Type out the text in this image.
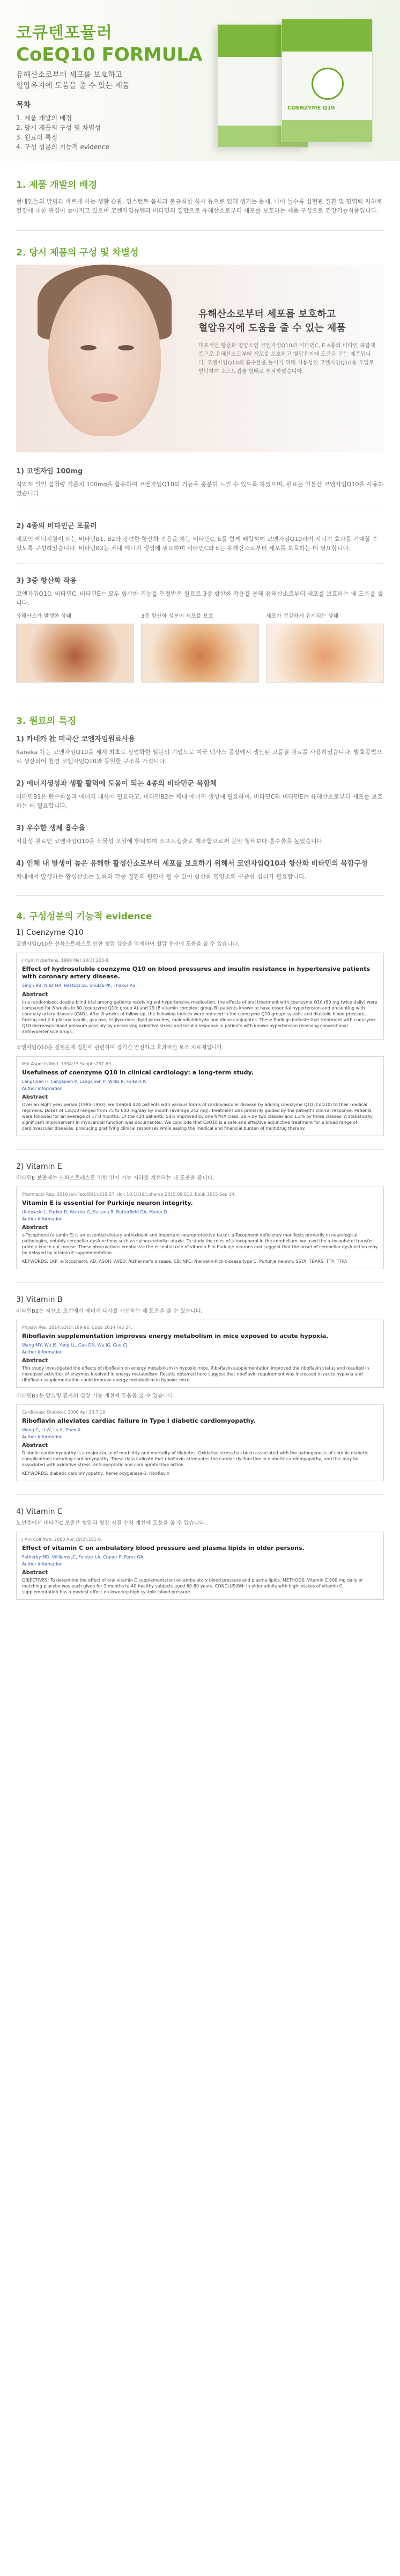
코큐텐포뮬러
CoEQ10 FORMULA
유해산소로부터 세포를 보호하고
혈압유지에 도움을 줄 수 있는 제품
목차
1. 제품 개발의 배경
2. 당시 제품의 구성 및 차별성
3. 원료의 특징
4. 구성 성분의 기능적 evidence
COENZYME Q10
1. 제품 개발의 배경
현대인들의 발병과 바쁘게 사는 생활 습관, 인스턴트 음식과 불규칙한 식사 등으로 인해 생기는 문제, 나이 들수록 심혈관 질환 및 면역력 저하로 건강에 대한 관심이 높아지고 있으며 코엔자임큐텐과 비타민의 결합으로 유해산소로부터 세포를 보호하는 제품 구성으로 건강기능식품입니다.
2. 당시 제품의 구성 및 차별성
유해산소로부터 세포를 보호하고
혈압유지에 도움을 줄 수 있는 제품
대표적인 항산화 영양소인 코엔자임Q10과 비타민C, E 4종의 비타민 복합제품으로 유해산소로부터 세포를 보호하고 혈압유지에 도움을 주는 제품입니다. 코엔자임Q10의 흡수율을 높이기 위해 지용성인 코엔자임Q10을 오일로 현탁하여 소프트캡슐 형태로 제작하였습니다.
1) 코엔자임 100mg
식약처 일일 섭취량 기준치 100mg을 함유하여 코엔자임Q10의 기능을 충분히 느낄 수 있도록 하였으며, 원료는 일본산 코엔자임Q10을 사용하였습니다.
2) 4종의 비타민군 포뮬러
세포의 에너지원이 되는 비타민B1, B2와 강력한 항산화 작용을 하는 비타민C, E를 함께 배합하여 코엔자임Q10과의 시너지 효과를 기대할 수 있도록 구성하였습니다. 비타민B2는 체내 에너지 생성에 필요하며 비타민C와 E는 유해산소로부터 세포를 보호하는 데 필요합니다.
3) 3중 항산화 작용
코엔자임Q10, 비타민C, 비타민E는 모두 항산화 기능을 인정받은 원료로 3중 항산화 작용을 통해 유해산소로부터 세포를 보호하는 데 도움을 줍니다.
유해산소가 발생한 상태	3중 항산화 성분이 세포를 보호	세포가 건강하게 유지되는 상태
3. 원료의 특징
1) 카네카 社 미국산 코엔자임원료사용
Kaneka 社는 코엔자임Q10을 세계 최초로 상업화한 일본의 기업으로 미국 텍사스 공장에서 생산된 고품질 원료를 사용하였습니다. 발효공법으로 생산되어 천연 코엔자임Q10과 동일한 구조를 가집니다.
2) 에너지생성과 생활 활력에 도움이 되는 4종의 비타민군 복합체
비타민B1은 탄수화물과 에너지 대사에 필요하고, 비타민B2는 체내 에너지 생성에 필요하며, 비타민C와 비타민E는 유해산소로부터 세포를 보호하는 데 필요합니다.
3) 우수한 생체 흡수율
지용성 원료인 코엔자임Q10을 식물성 오일에 현탁하여 소프트캡슐로 제조함으로써 분말 형태보다 흡수율을 높였습니다.
4) 인체 내 발생이 높은 유해한 활성산소로부터 세포를 보호하기 위해서 코엔자임Q10과 항산화 비타민의 복합구성
체내에서 발생하는 활성산소는 노화와 각종 질환의 원인이 될 수 있어 항산화 영양소의 꾸준한 섭취가 필요합니다.
4. 구성성분의 기능적 evidence
1) Coenzyme Q10
코엔자임Q10은 산화스트레스로 인한 혈압 상승을 억제하여 혈압 유지에 도움을 줄 수 있습니다.
J Hum Hypertens. 1999 Mar;13(3):203-8.
Effect of hydrosoluble coenzyme Q10 on blood pressures and insulin resistance in hypertensive patients with coronary artery disease.
Singh RB, Niaz MA, Rastogi SS, Shukla PK, Thakur AS.
Abstract
In a randomised, double-blind trial among patients receiving antihypertensive medication, the effects of oral treatment with coenzyme Q10 (60 mg twice daily) were compared for 8 weeks in 30 (coenzyme Q10: group A) and 29 (B vitamin complex: group B) patients known to have essential hypertension and presenting with coronary artery disease (CAD). After 8 weeks of follow-up, the following indices were reduced in the coenzyme Q10 group: systolic and diastolic blood pressure, fasting and 2-h plasma insulin, glucose, triglycerides, lipid peroxides, malondialdehyde and diene conjugates. These findings indicate that treatment with coenzyme Q10 decreases blood pressure possibly by decreasing oxidative stress and insulin response in patients with known hypertension receiving conventional antihypertensive drugs.
코엔자임Q10은 심혈관계 질환에 관련하여 장기간 안전하고 효과적인 보조 치료제입니다.
Mol Aspects Med. 1994;15 Suppl:s257-63.
Usefulness of coenzyme Q10 in clinical cardiology: a long-term study.
Langsjoen H, Langsjoen P, Langsjoen P, Willis R, Folkers K.
Author information
Abstract
Over an eight year period (1985-1993), we treated 424 patients with various forms of cardiovascular disease by adding coenzyme Q10 (CoQ10) to their medical regimens. Doses of CoQ10 ranged from 75 to 600 mg/day by mouth (average 242 mg). Treatment was primarily guided by the patient's clinical response. Patients were followed for an average of 17.8 months. Of the 424 patients, 58% improved by one NYHA class, 28% by two classes and 1.2% by three classes. A statistically significant improvement in myocardial function was documented. We conclude that CoQ10 is a safe and effective adjunctive treatment for a broad range of cardiovascular diseases, producing gratifying clinical responses while easing the medical and financial burden of multidrug therapy.
2) Vitamin E
비타민E 보충제는 산화스트레스로 인한 인지 기능 저하를 개선하는 데 도움을 줍니다.
Pharmacol Rep. 2016 Jan-Feb;68(1):219-27. doi: 10.1016/j.pharep.2015.09.013. Epub 2015 Sep 14.
Vitamin E is essential for Purkinje neuron integrity.
Ulatowski L, Parker R, Warrier G, Sultana R, Butterfield DA, Manor D.
Author information
Abstract
a-Tocopherol (vitamin E) is an essential dietary antioxidant and important neuroprotective factor. a-Tocopherol deficiency manifests primarily in neurological pathologies, notably cerebellar dysfunctions such as spinocerebellar ataxia. To study the roles of a-tocopherol in the cerebellum, we used the a-tocopherol transfer protein knock-out mouse. These observations emphasize the essential role of vitamin E in Purkinje neurons and suggest that the onset of cerebellar dysfunction may be delayed by vitamin E supplementation.
KEYWORDS: LKP; a-Tocopherol; AD; ASOH; AVED; Alzheimer's disease; CB; NPC; Niemann-Pick disease type C; Purkinje neuron; SSTA; TBARS; TTP; TTPA
3) Vitamin B
비타민B2는 저산소 조건에서 에너지 대사를 개선하는 데 도움을 줄 수 있습니다.
Physiol Res. 2014;63(2):189-96. Epub 2014 Feb 24.
Riboflavin supplementation improves energy metabolism in mice exposed to acute hypoxia.
Wang MY, Wu JS, Yang LL, Gao DN, Wu JG, Guo CJ.
Author information
Abstract
This study investigated the effects of riboflavin on energy metabolism in hypoxic mice. Riboflavin supplementation improved the riboflavin status and resulted in increased activities of enzymes involved in energy metabolism. Results obtained here suggest that riboflavin requirement was increased in acute hypoxia and riboflavin supplementation could improve energy metabolism in hypoxic mice.
비타민B1은 당뇨병 환자의 심장 기능 개선에 도움을 줄 수 있습니다.
Cardiovasc Diabetol. 2008 Apr 23;7:10.
Riboflavin alleviates cardiac failure in Type I diabetic cardiomyopathy.
Wang G, Li W, Lu X, Zhao X.
Author information
Abstract
Diabetic cardiomyopathy is a major cause of morbidity and mortality of diabetes. Oxidative stress has been associated with the pathogenesis of chronic diabetic complications including cardiomyopathy. These data indicate that riboflavin attenuates the cardiac dysfunction in diabetic cardiomyopathy, and this may be associated with oxidative stress, anti-apoptotic and cardioprotective action.
KEYWORDS: diabetic cardiomyopathy, heme oxygenase-1, riboflavin
4) Vitamin C
노년층에서 비타민C 보충은 혈압과 혈장 지질 수치 개선에 도움을 줄 수 있습니다.
J Am Coll Nutr. 2000 Apr;19(2):181-9.
Effect of vitamin C on ambulatory blood pressure and plasma lipids in older persons.
Fotherby MD, Williams JC, Forster LA, Craner P, Ferns GA.
Author information
Abstract
OBJECTIVES: To determine the effect of oral vitamin C supplementation on ambulatory blood pressure and plasma lipids. METHODS: Vitamin C 500 mg daily or matching placebo was each given for 3 months to 40 healthy subjects aged 60-80 years. CONCLUSION: In older adults with high intakes of vitamin C, supplementation has a modest effect on lowering high systolic blood pressure.
